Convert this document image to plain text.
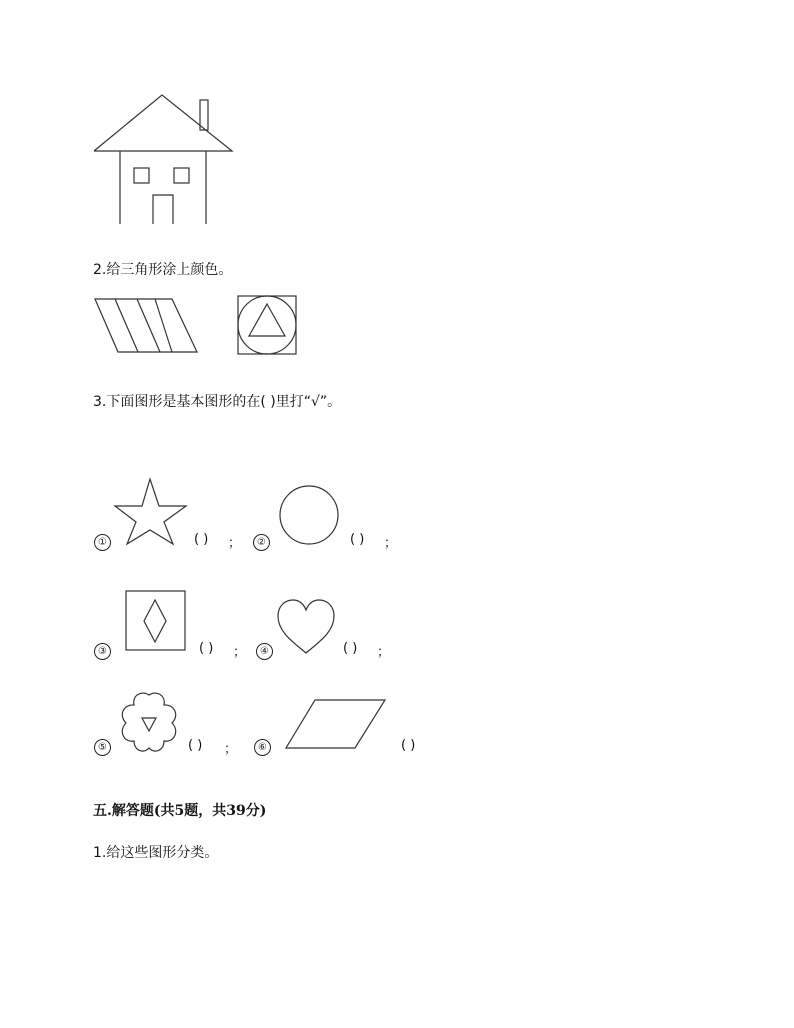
2.给三角形涂上颜色。
3.下面图形是基本图形的在( )里打“√”。
①	( ) ；	②	( ) ；
③	( ) ；	④	( ) ；
⑤	( ) ；	⑥	( )
五.解答题(共5题，共39分)
1.给这些图形分类。
